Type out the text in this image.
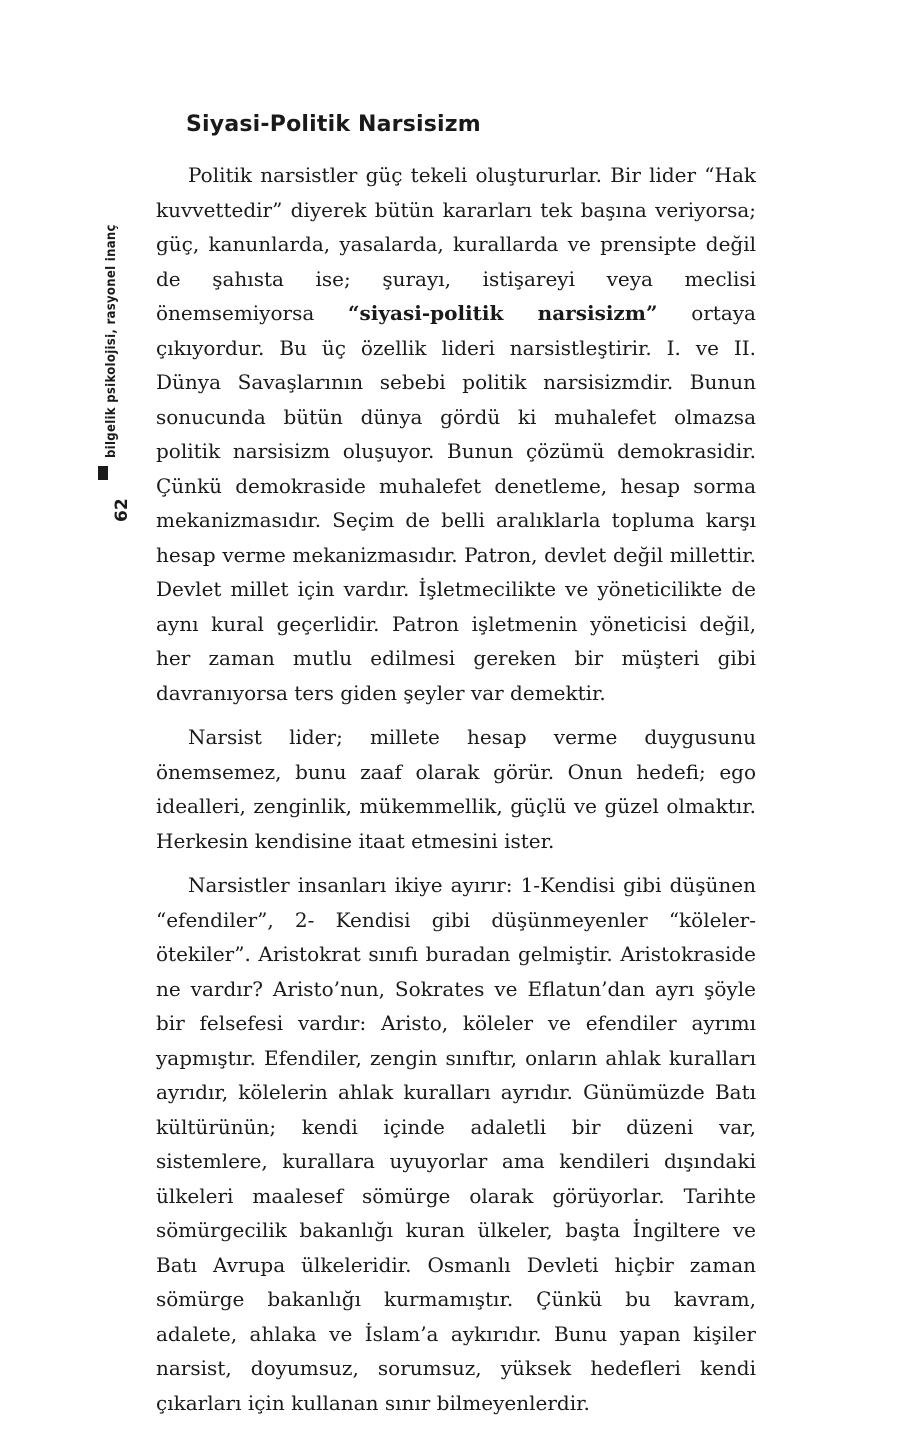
bilgelik psikolojisi, rasyonel inanç
62
Siyasi-Politik Narsisizm

Politik narsistler güç tekeli oluştururlar. Bir lider “Hak kuvvettedir” diyerek bütün kararları tek başına veriyorsa; güç, kanunlarda, yasalarda, kurallarda ve prensipte değil de şahısta ise; şurayı, istişareyi veya meclisi önemsemiyorsa “siyasi-politik narsisizm” ortaya çıkıyordur. Bu üç özellik lideri narsistleştirir. I. ve II. Dünya Savaşlarının sebebi politik narsisizmdir. Bunun sonucunda bütün dünya gördü ki muhalefet olmazsa politik narsisizm oluşuyor. Bunun çözümü demokrasidir. Çünkü demokraside muhalefet denetleme, hesap sorma mekanizmasıdır. Seçim de belli aralıklarla topluma karşı hesap verme mekanizmasıdır. Patron, devlet değil millettir. Devlet millet için vardır. İşletmecilikte ve yöneticilikte de aynı kural geçerlidir. Patron işletmenin yöneticisi değil, her zaman mutlu edilmesi gereken bir müşteri gibi davranıyorsa ters giden şeyler var demektir.

Narsist lider; millete hesap verme duygusunu önemsemez, bunu zaaf olarak görür. Onun hedefi; ego idealleri, zenginlik, mükemmellik, güçlü ve güzel olmaktır. Herkesin kendisine itaat etmesini ister.

Narsistler insanları ikiye ayırır: 1-Kendisi gibi düşünen “efendiler”, 2- Kendisi gibi düşünmeyenler “köleler-ötekiler”. Aristokrat sınıfı buradan gelmiştir. Aristokraside ne vardır? Aristo’nun, Sokrates ve Eflatun’dan ayrı şöyle bir felsefesi vardır: Aristo, köleler ve efendiler ayrımı yapmıştır. Efendiler, zengin sınıftır, onların ahlak kuralları ayrıdır, kölelerin ahlak kuralları ayrıdır. Günümüzde Batı kültürünün; kendi içinde adaletli bir düzeni var, sistemlere, kurallara uyuyorlar ama kendileri dışındaki ülkeleri maalesef sömürge olarak görüyorlar. Tarihte sömürgecilik bakanlığı kuran ülkeler, başta İngiltere ve Batı Avrupa ülkeleridir. Osmanlı Devleti hiçbir zaman sömürge bakanlığı kurmamıştır. Çünkü bu kavram, adalete, ahlaka ve İslam’a aykırıdır. Bunu yapan kişiler narsist, doyumsuz, sorumsuz, yüksek hedefleri kendi çıkarları için kullanan sınır bilmeyenlerdir.
